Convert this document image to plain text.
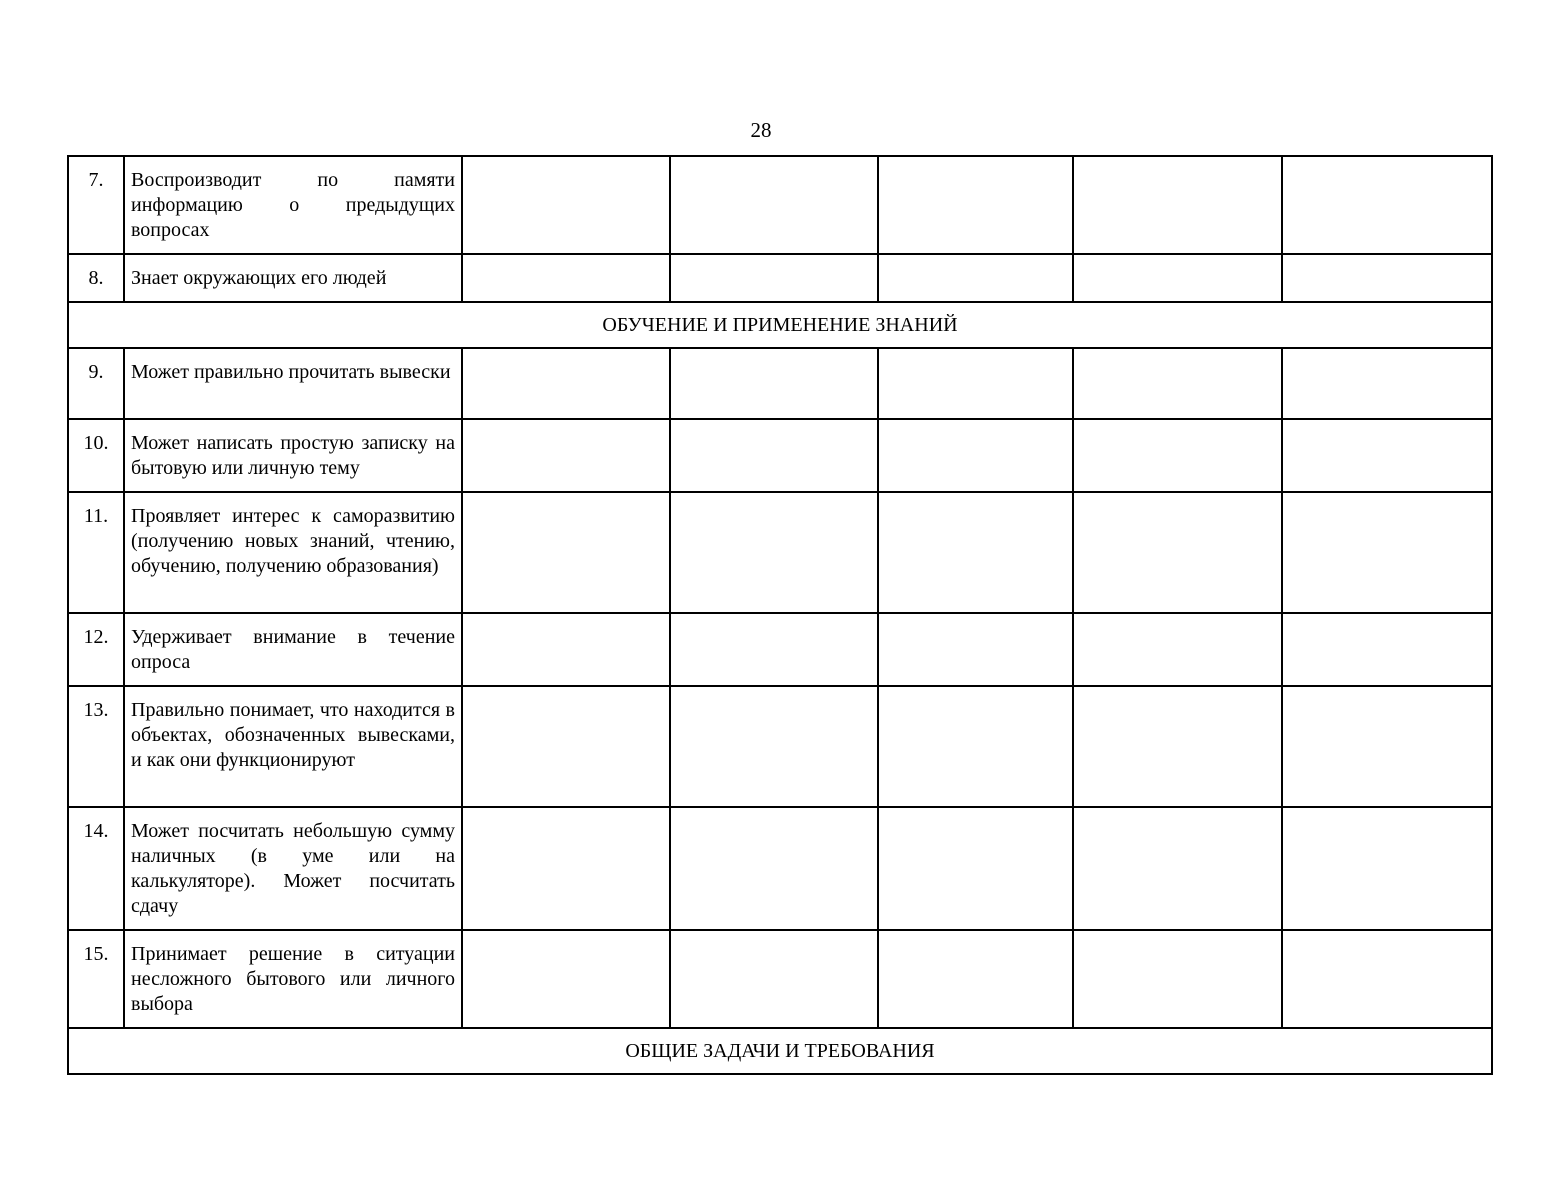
28
7.	Воспроизводит по памяти информацию о предыдущих вопросах					
8.	Знает окружающих его людей					
ОБУЧЕНИЕ И ПРИМЕНЕНИЕ ЗНАНИЙ						
9.	Может правильно прочитать вывески					
10.	Может написать простую записку на бытовую или личную тему					
11.	Проявляет интерес к саморазвитию (получению новых знаний, чтению, обучению, получению образования)					
12.	Удерживает внимание в течение опроса					
13.	Правильно понимает, что находится в объектах, обозначенных вывесками, и как они функционируют					
14.	Может посчитать небольшую сумму наличных (в уме или на калькуляторе). Может посчитать сдачу					
15.	Принимает решение в ситуации несложного бытового или личного выбора					
ОБЩИЕ ЗАДАЧИ И ТРЕБОВАНИЯ						
